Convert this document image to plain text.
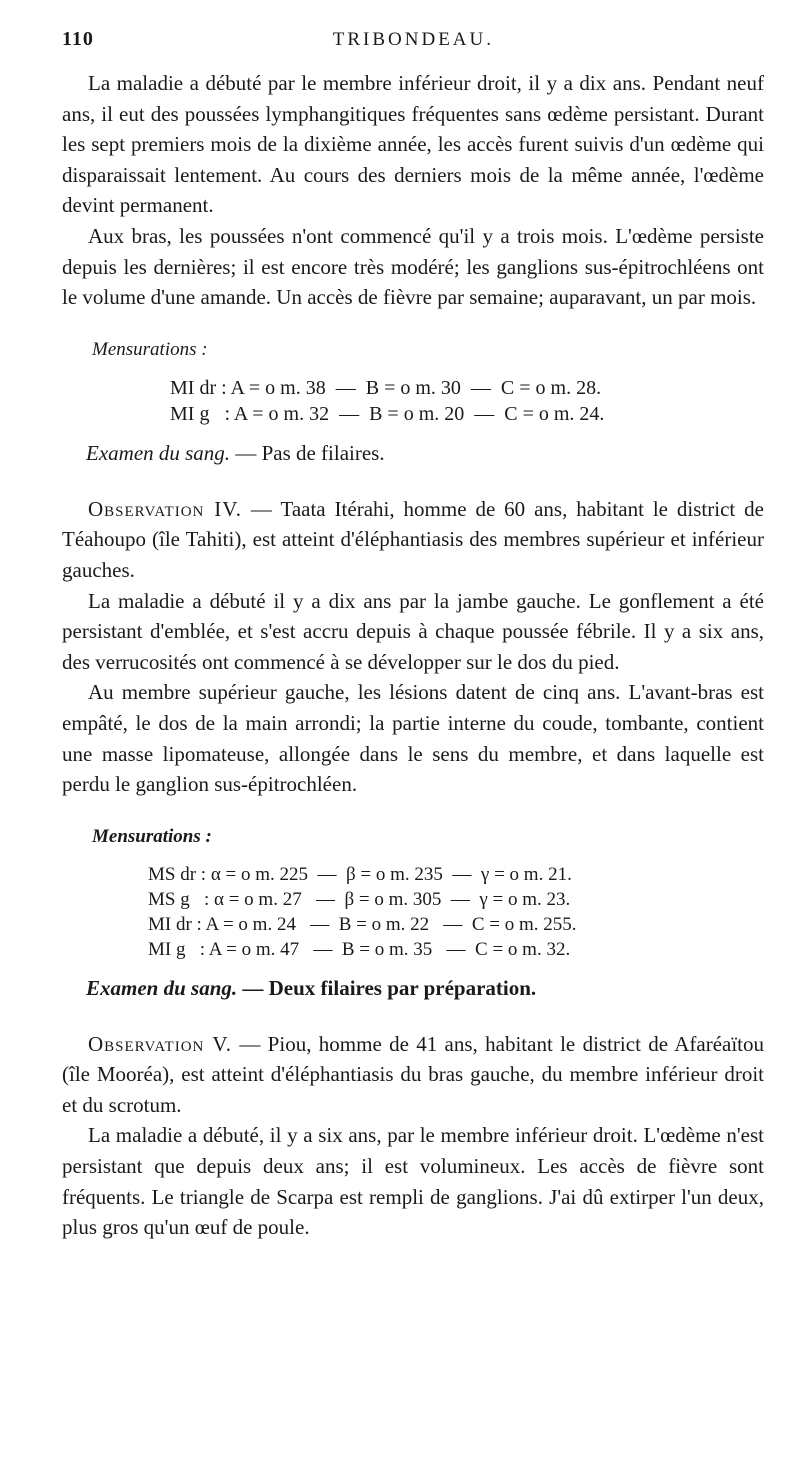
110	TRIBONDEAU.

La maladie a débuté par le membre inférieur droit, il y a dix ans. Pendant neuf ans, il eut des poussées lymphangitiques fréquentes sans œdème persistant. Durant les sept premiers mois de la dixième année, les accès furent suivis d'un œdème qui disparaissait lentement. Au cours des derniers mois de la même année, l'œdème devint permanent.

Aux bras, les poussées n'ont commencé qu'il y a trois mois. L'œdème persiste depuis les dernières; il est encore très modéré; les ganglions sus-épitrochléens ont le volume d'une amande. Un accès de fièvre par semaine; auparavant, un par mois.

Mensurations :
MI dr : A = o m. 38  —  B = o m. 30  —  C = o m. 28.
MI g   : A = o m. 32  —  B = o m. 20  —  C = o m. 24.
Examen du sang. — Pas de filaires.

Observation IV. — Taata Itérahi, homme de 60 ans, habitant le district de Téahoupo (île Tahiti), est atteint d'éléphantiasis des membres supérieur et inférieur gauches.

La maladie a débuté il y a dix ans par la jambe gauche. Le gonflement a été persistant d'emblée, et s'est accru depuis à chaque poussée fébrile. Il y a six ans, des verrucosités ont commencé à se développer sur le dos du pied.

Au membre supérieur gauche, les lésions datent de cinq ans. L'avant-bras est empâté, le dos de la main arrondi; la partie interne du coude, tombante, contient une masse lipomateuse, allongée dans le sens du membre, et dans laquelle est perdu le ganglion sus-épitrochléen.

Mensurations :
MS dr : α = o m. 225  —  β = o m. 235  —  γ = o m. 21.
MS g   : α = o m. 27   —  β = o m. 305  —  γ = o m. 23.
MI dr : A = o m. 24   —  B = o m. 22   —  C = o m. 255.
MI g   : A = o m. 47   —  B = o m. 35   —  C = o m. 32.
Examen du sang. — Deux filaires par préparation.

Observation V. — Piou, homme de 41 ans, habitant le district de Afaréaïtou (île Mooréa), est atteint d'éléphantiasis du bras gauche, du membre inférieur droit et du scrotum.

La maladie a débuté, il y a six ans, par le membre inférieur droit. L'œdème n'est persistant que depuis deux ans; il est volumineux. Les accès de fièvre sont fréquents. Le triangle de Scarpa est rempli de ganglions. J'ai dû extirper l'un deux, plus gros qu'un œuf de poule.
